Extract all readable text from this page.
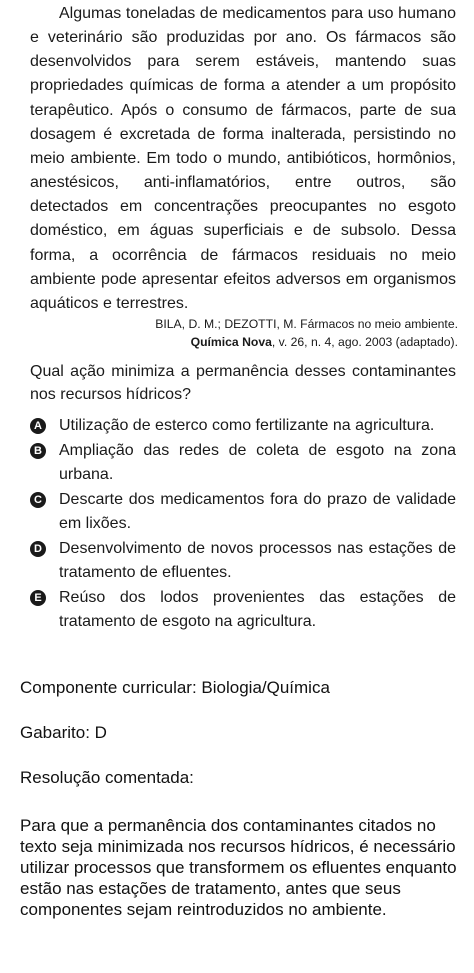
Algumas toneladas de medicamentos para uso humano e veterinário são produzidas por ano. Os fármacos são desenvolvidos para serem estáveis, mantendo suas propriedades químicas de forma a atender a um propósito terapêutico. Após o consumo de fármacos, parte de sua dosagem é excretada de forma inalterada, persistindo no meio ambiente. Em todo o mundo, antibióticos, hormônios, anestésicos, anti-inflamatórios, entre outros, são detectados em concentrações preocupantes no esgoto doméstico, em águas superficiais e de subsolo. Dessa forma, a ocorrência de fármacos residuais no meio ambiente pode apresentar efeitos adversos em organismos aquáticos e terrestres.

BILA, D. M.; DEZOTTI, M. Fármacos no meio ambiente.
Química Nova, v. 26, n. 4, ago. 2003 (adaptado).

Qual ação minimiza a permanência desses contaminantes nos recursos hídricos?

A Utilização de esterco como fertilizante na agricultura.
B Ampliação das redes de coleta de esgoto na zona urbana.
C Descarte dos medicamentos fora do prazo de validade em lixões.
D Desenvolvimento de novos processos nas estações de tratamento de efluentes.
E Reúso dos lodos provenientes das estações de tratamento de esgoto na agricultura.

Componente curricular: Biologia/Química

Gabarito: D

Resolução comentada:

Para que a permanência dos contaminantes citados no texto seja minimizada nos recursos hídricos, é necessário utilizar processos que transformem os efluentes enquanto estão nas estações de tratamento, antes que seus componentes sejam reintroduzidos no ambiente.
